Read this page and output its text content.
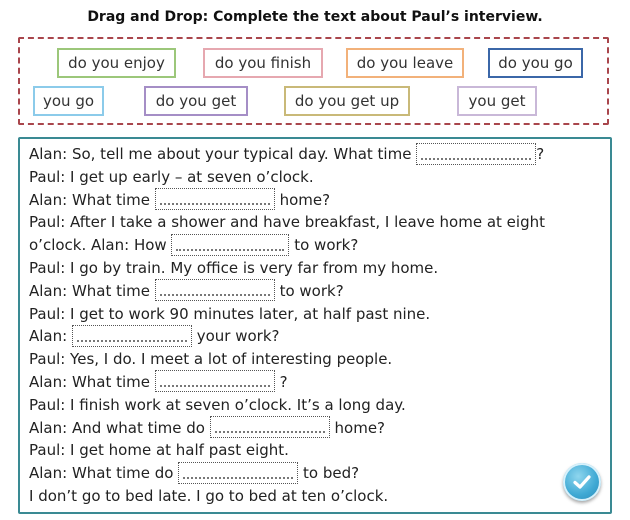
Drag and Drop: Complete the text about Paul’s interview.
do you enjoy	do you finish	do you leave	do you go
you go	do you get	do you get up	you get
Alan: So, tell me about your typical day. What time	?
Paul: I get up early – at seven o’clock.
Alan: What time	home?
Paul: After I take a shower and have breakfast, I leave home at eight
o’clock. Alan: How	to work?
Paul: I go by train. My office is very far from my home.
Alan: What time	to work?
Paul: I get to work 90 minutes later, at half past nine.
Alan:	your work?
Paul: Yes, I do. I meet a lot of interesting people.
Alan: What time	?
Paul: I finish work at seven o’clock. It’s a long day.
Alan: And what time do	home?
Paul: I get home at half past eight.
Alan: What time do	to bed?
I don’t go to bed late. I go to bed at ten o’clock.
